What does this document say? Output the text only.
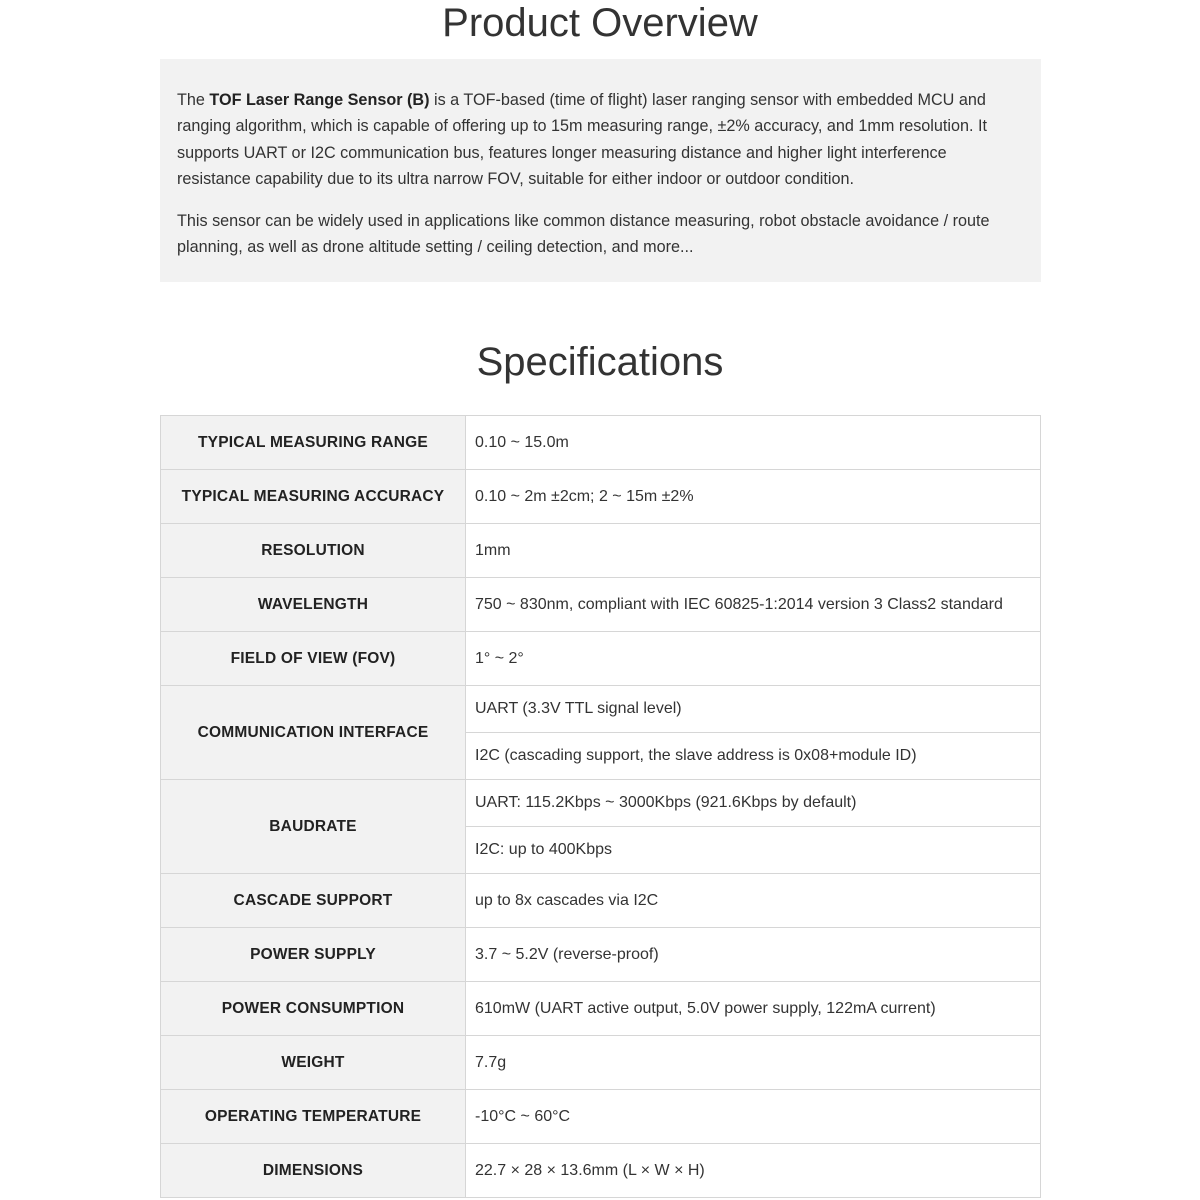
Product Overview

The TOF Laser Range Sensor (B) is a TOF-based (time of flight) laser ranging sensor with embedded MCU and ranging algorithm, which is capable of offering up to 15m measuring range, ±2% accuracy, and 1mm resolution. It supports UART or I2C communication bus, features longer measuring distance and higher light interference resistance capability due to its ultra narrow FOV, suitable for either indoor or outdoor condition.

This sensor can be widely used in applications like common distance measuring, robot obstacle avoidance / route planning, as well as drone altitude setting / ceiling detection, and more...

Specifications
TYPICAL MEASURING RANGE	0.10 ~ 15.0m
TYPICAL MEASURING ACCURACY	0.10 ~ 2m ±2cm; 2 ~ 15m ±2%
RESOLUTION	1mm
WAVELENGTH	750 ~ 830nm, compliant with IEC 60825-1:2014 version 3 Class2 standard
FIELD OF VIEW (FOV)	1° ~ 2°
COMMUNICATION INTERFACE	UART (3.3V TTL signal level)
	I2C (cascading support, the slave address is 0x08+module ID)
BAUDRATE	UART: 115.2Kbps ~ 3000Kbps (921.6Kbps by default)
	I2C: up to 400Kbps
CASCADE SUPPORT	up to 8x cascades via I2C
POWER SUPPLY	3.7 ~ 5.2V (reverse-proof)
POWER CONSUMPTION	610mW (UART active output, 5.0V power supply, 122mA current)
WEIGHT	7.7g
OPERATING TEMPERATURE	-10°C ~ 60°C
DIMENSIONS	22.7 × 28 × 13.6mm (L × W × H)
